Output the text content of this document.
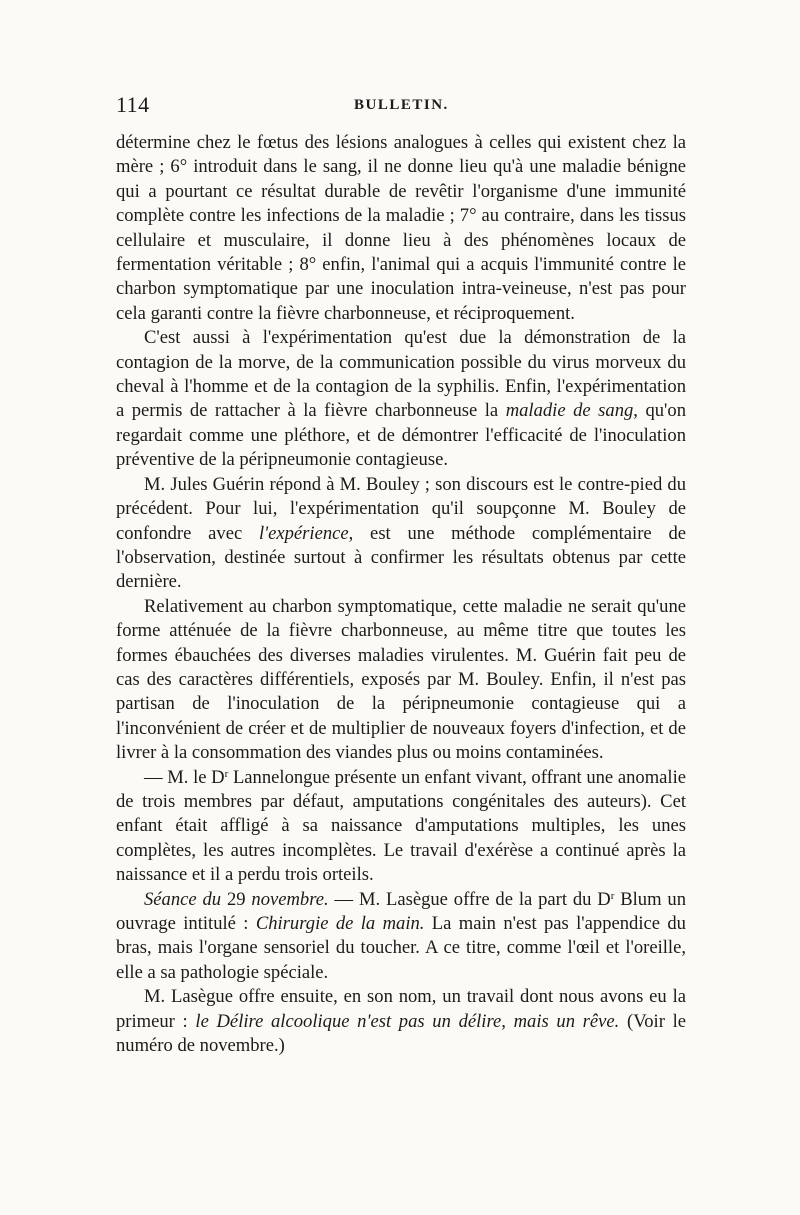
114	BULLETIN.

détermine chez le fœtus des lésions analogues à celles qui existent chez la mère ; 6° introduit dans le sang, il ne donne lieu qu'à une maladie bénigne qui a pourtant ce résultat durable de revêtir l'organisme d'une immunité complète contre les infections de la maladie ; 7° au contraire, dans les tissus cellulaire et musculaire, il donne lieu à des phénomènes locaux de fermentation véritable ; 8° enfin, l'animal qui a acquis l'immunité contre le charbon symptomatique par une inoculation intra-veineuse, n'est pas pour cela garanti contre la fièvre charbonneuse, et réciproquement.

C'est aussi à l'expérimentation qu'est due la démonstration de la contagion de la morve, de la communication possible du virus morveux du cheval à l'homme et de la contagion de la syphilis. Enfin, l'expérimentation a permis de rattacher à la fièvre charbonneuse la maladie de sang, qu'on regardait comme une pléthore, et de démontrer l'efficacité de l'inoculation préventive de la péripneumonie contagieuse.

M. Jules Guérin répond à M. Bouley ; son discours est le contre-pied du précédent. Pour lui, l'expérimentation qu'il soupçonne M. Bouley de confondre avec l'expérience, est une méthode complémentaire de l'observation, destinée surtout à confirmer les résultats obtenus par cette dernière.

Relativement au charbon symptomatique, cette maladie ne serait qu'une forme atténuée de la fièvre charbonneuse, au même titre que toutes les formes ébauchées des diverses maladies virulentes. M. Guérin fait peu de cas des caractères différentiels, exposés par M. Bouley. Enfin, il n'est pas partisan de l'inoculation de la péripneumonie contagieuse qui a l'inconvénient de créer et de multiplier de nouveaux foyers d'infection, et de livrer à la consommation des viandes plus ou moins contaminées.

— M. le $D^r$ Lannelongue présente un enfant vivant, offrant une anomalie de trois membres par défaut, amputations congénitales des auteurs). Cet enfant était affligé à sa naissance d'amputations multiples, les unes complètes, les autres incomplètes. Le travail d'exérèse a continué après la naissance et il a perdu trois orteils.

Séance du 29 novembre. — M. Lasègue offre de la part du $D^r$ Blum un ouvrage intitulé : Chirurgie de la main. La main n'est pas l'appendice du bras, mais l'organe sensoriel du toucher. A ce titre, comme l'œil et l'oreille, elle a sa pathologie spéciale.

M. Lasègue offre ensuite, en son nom, un travail dont nous avons eu la primeur : le Délire alcoolique n'est pas un délire, mais un rêve. (Voir le numéro de novembre.)
